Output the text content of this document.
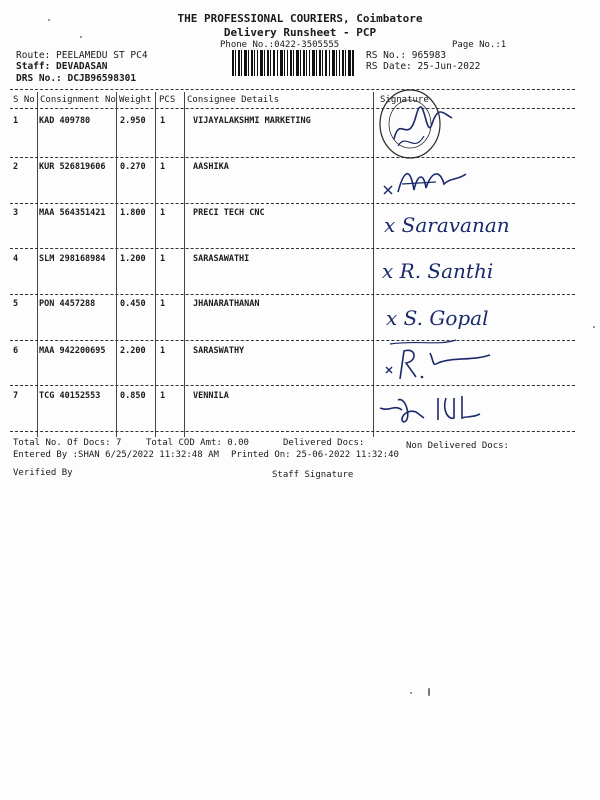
THE PROFESSIONAL COURIERS, Coimbatore
Delivery Runsheet - PCP
Phone No.:0422-3505555	Page No.:1
Route: PEELAMEDU ST PC4
Staff: DEVADASAN
DRS No.: DCJB96598301
RS No.: 965983
RS Date: 25-Jun-2022
S No Consignment No Weight PCS Consignee Details	Signature
1 KAD 409780	2.950 1	VIJAYALAKSHMI MARKETING
2 KUR 526819606 0.270 1	AASHIKA
3 MAA 564351421 1.800 1	PRECI TECH CNC
4 SLM 298168984 1.200 1	SARASAWATHI
5 PON 4457288	0.450 1	JHANARATHANAN
6 MAA 942200695 2.200 1	SARASWATHY
7 TCG 40152553 0.850 1	VENNILA
x Saravanan
x R. Santhi
x S. Gopal
Total No. Of Docs: 7	Total COD Amt: 0.00	Delivered Docs:	Non Delivered Docs:
Entered By :SHAN 6/25/2022 11:32:48 AM Printed On: 25-06-2022 11:32:40
Verified By	Staff Signature
